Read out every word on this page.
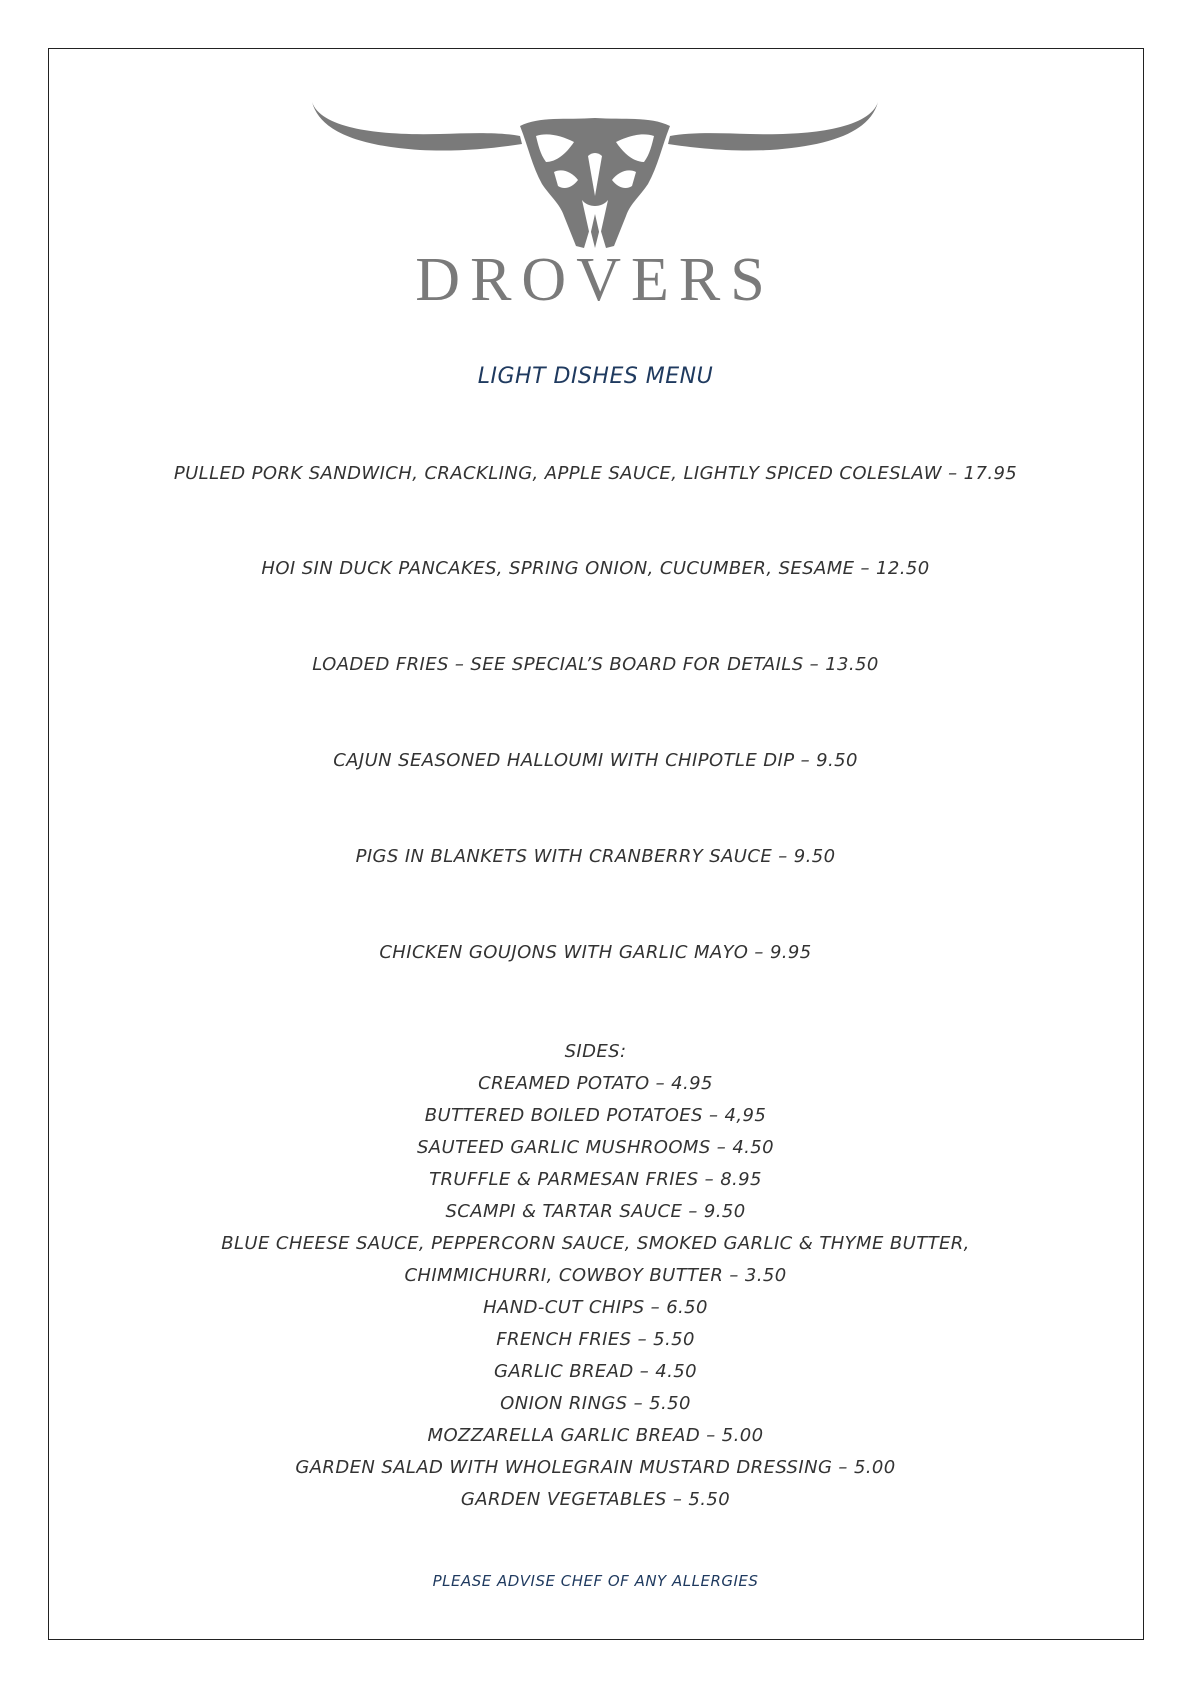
DROVERS
LIGHT DISHES MENU
PULLED PORK SANDWICH, CRACKLING, APPLE SAUCE, LIGHTLY SPICED COLESLAW – 17.95
HOI SIN DUCK PANCAKES, SPRING ONION, CUCUMBER, SESAME – 12.50
LOADED FRIES – SEE SPECIAL’S BOARD FOR DETAILS – 13.50
CAJUN SEASONED HALLOUMI WITH CHIPOTLE DIP – 9.50
PIGS IN BLANKETS WITH CRANBERRY SAUCE – 9.50
CHICKEN GOUJONS WITH GARLIC MAYO – 9.95
SIDES:
CREAMED POTATO – 4.95
BUTTERED BOILED POTATOES – 4,95
SAUTEED GARLIC MUSHROOMS – 4.50
TRUFFLE & PARMESAN FRIES – 8.95
SCAMPI & TARTAR SAUCE – 9.50
BLUE CHEESE SAUCE, PEPPERCORN SAUCE, SMOKED GARLIC & THYME BUTTER,
CHIMMICHURRI, COWBOY BUTTER – 3.50
HAND-CUT CHIPS – 6.50
FRENCH FRIES – 5.50
GARLIC BREAD – 4.50
ONION RINGS – 5.50
MOZZARELLA GARLIC BREAD – 5.00
GARDEN SALAD WITH WHOLEGRAIN MUSTARD DRESSING – 5.00
GARDEN VEGETABLES – 5.50
PLEASE ADVISE CHEF OF ANY ALLERGIES
